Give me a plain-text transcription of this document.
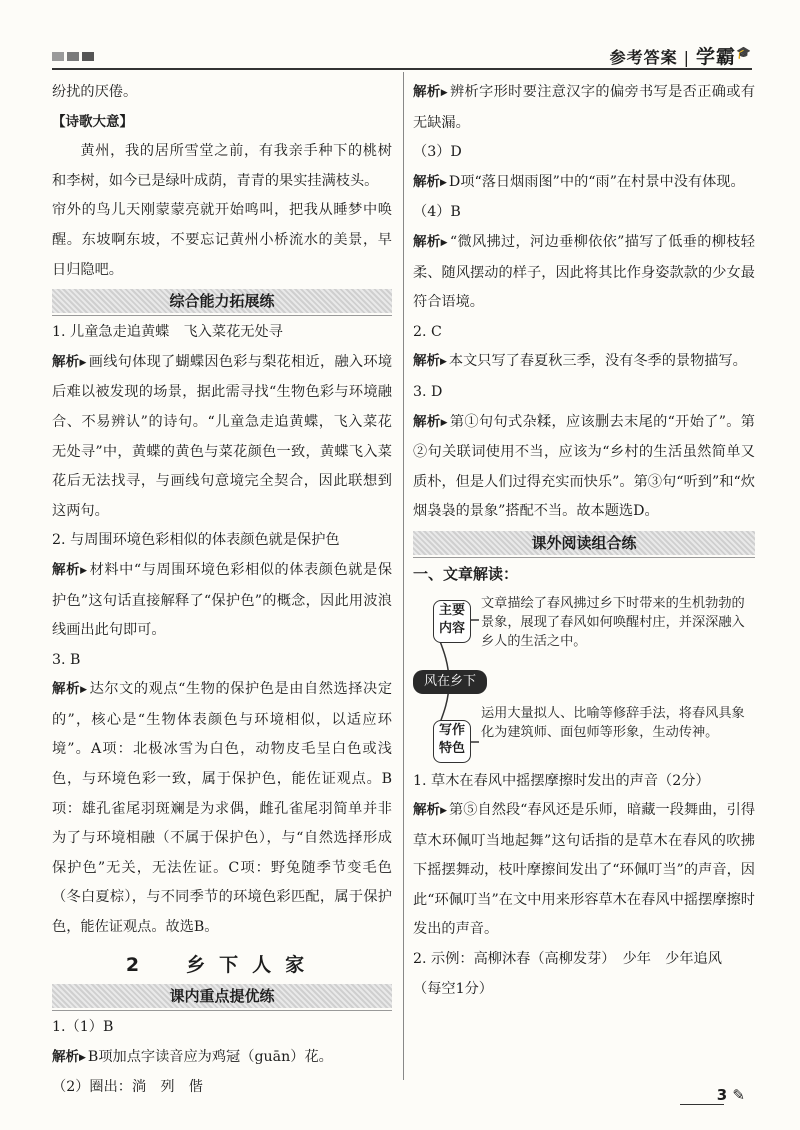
参考答案 | 学霸🎓

纷扰的厌倦。

【诗歌大意】

黄州，我的居所雪堂之前，有我亲手种下的桃树和李树，如今已是绿叶成荫，青青的果实挂满枝头。

帘外的鸟儿天刚蒙蒙亮就开始鸣叫，把我从睡梦中唤醒。东坡啊东坡，不要忘记黄州小桥流水的美景，早日归隐吧。

综合能力拓展练

1. 儿童急走追黄蝶　飞入菜花无处寻

解析▶ 画线句体现了蝴蝶因色彩与梨花相近，融入环境后难以被发现的场景，据此需寻找“生物色彩与环境融合、不易辨认”的诗句。“儿童急走追黄蝶，飞入菜花无处寻”中，黄蝶的黄色与菜花颜色一致，黄蝶飞入菜花后无法找寻，与画线句意境完全契合，因此联想到这两句。

2. 与周围环境色彩相似的体表颜色就是保护色

解析▶ 材料中“与周围环境色彩相似的体表颜色就是保护色”这句话直接解释了“保护色”的概念，因此用波浪线画出此句即可。

3. B

解析▶ 达尔文的观点“生物的保护色是由自然选择决定的”，核心是“生物体表颜色与环境相似，以适应环境”。A项：北极冰雪为白色，动物皮毛呈白色或浅色，与环境色彩一致，属于保护色，能佐证观点。B项：雄孔雀尾羽斑斓是为求偶，雌孔雀尾羽简单并非为了与环境相融（不属于保护色），与“自然选择形成保护色”无关，无法佐证。C项：野兔随季节变毛色（冬白夏棕），与不同季节的环境色彩匹配，属于保护色，能佐证观点。故选B。

2　乡下人家
课内重点提优练

1.（1）B

解析▶ B项加点字读音应为鸡冠 ·（guān）花。

（2）圈出：淌　列　偕

解析▶ 辨析字形时要注意汉字的偏旁书写是否正确或有无缺漏。

（3）D

解析▶ D项“落日烟雨图”中的“雨”在村景中没有体现。

（4）B

解析▶ “微风拂过，河边垂柳依依”描写了低垂的柳枝轻柔、随风摆动的样子，因此将其比作身姿款款的少女最符合语境。

2. C

解析▶ 本文只写了春夏秋三季，没有冬季的景物描写。

3. D

解析▶ 第①句句式杂糅，应该删去末尾的“开始了”。第②句关联词使用不当，应该为“乡村的生活虽然简单又质朴，但是人们过得充实而快乐”。第③句“听到”和“炊烟袅袅的景象”搭配不当。故本题选D。

课外阅读组合练

一、文章解读：

主要
内容
文章描绘了春风拂过乡下时带来的生机勃勃的景象，展现了春风如何唤醒村庄，并深深融入乡人的生活之中。
风在乡下
写作
特色
运用大量拟人、比喻等修辞手法，将春风具象化为建筑师、面包师等形象，生动传神。

1. 草木在春风中摇摆摩擦时发出的声音（2分）

解析▶ 第⑤自然段“春风还是乐师，暗藏一段舞曲，引得草木环佩叮当地起舞”这句话指的是草木在春风的吹拂下摇摆舞动，枝叶摩擦间发出了“环佩叮当”的声音，因此“环佩叮当”在文中用来形容草木在春风中摇摆摩擦时发出的声音。

2. 示例：高柳沐春（高柳发芽）　少年　少年追风

（每空1分）

3 ✎
